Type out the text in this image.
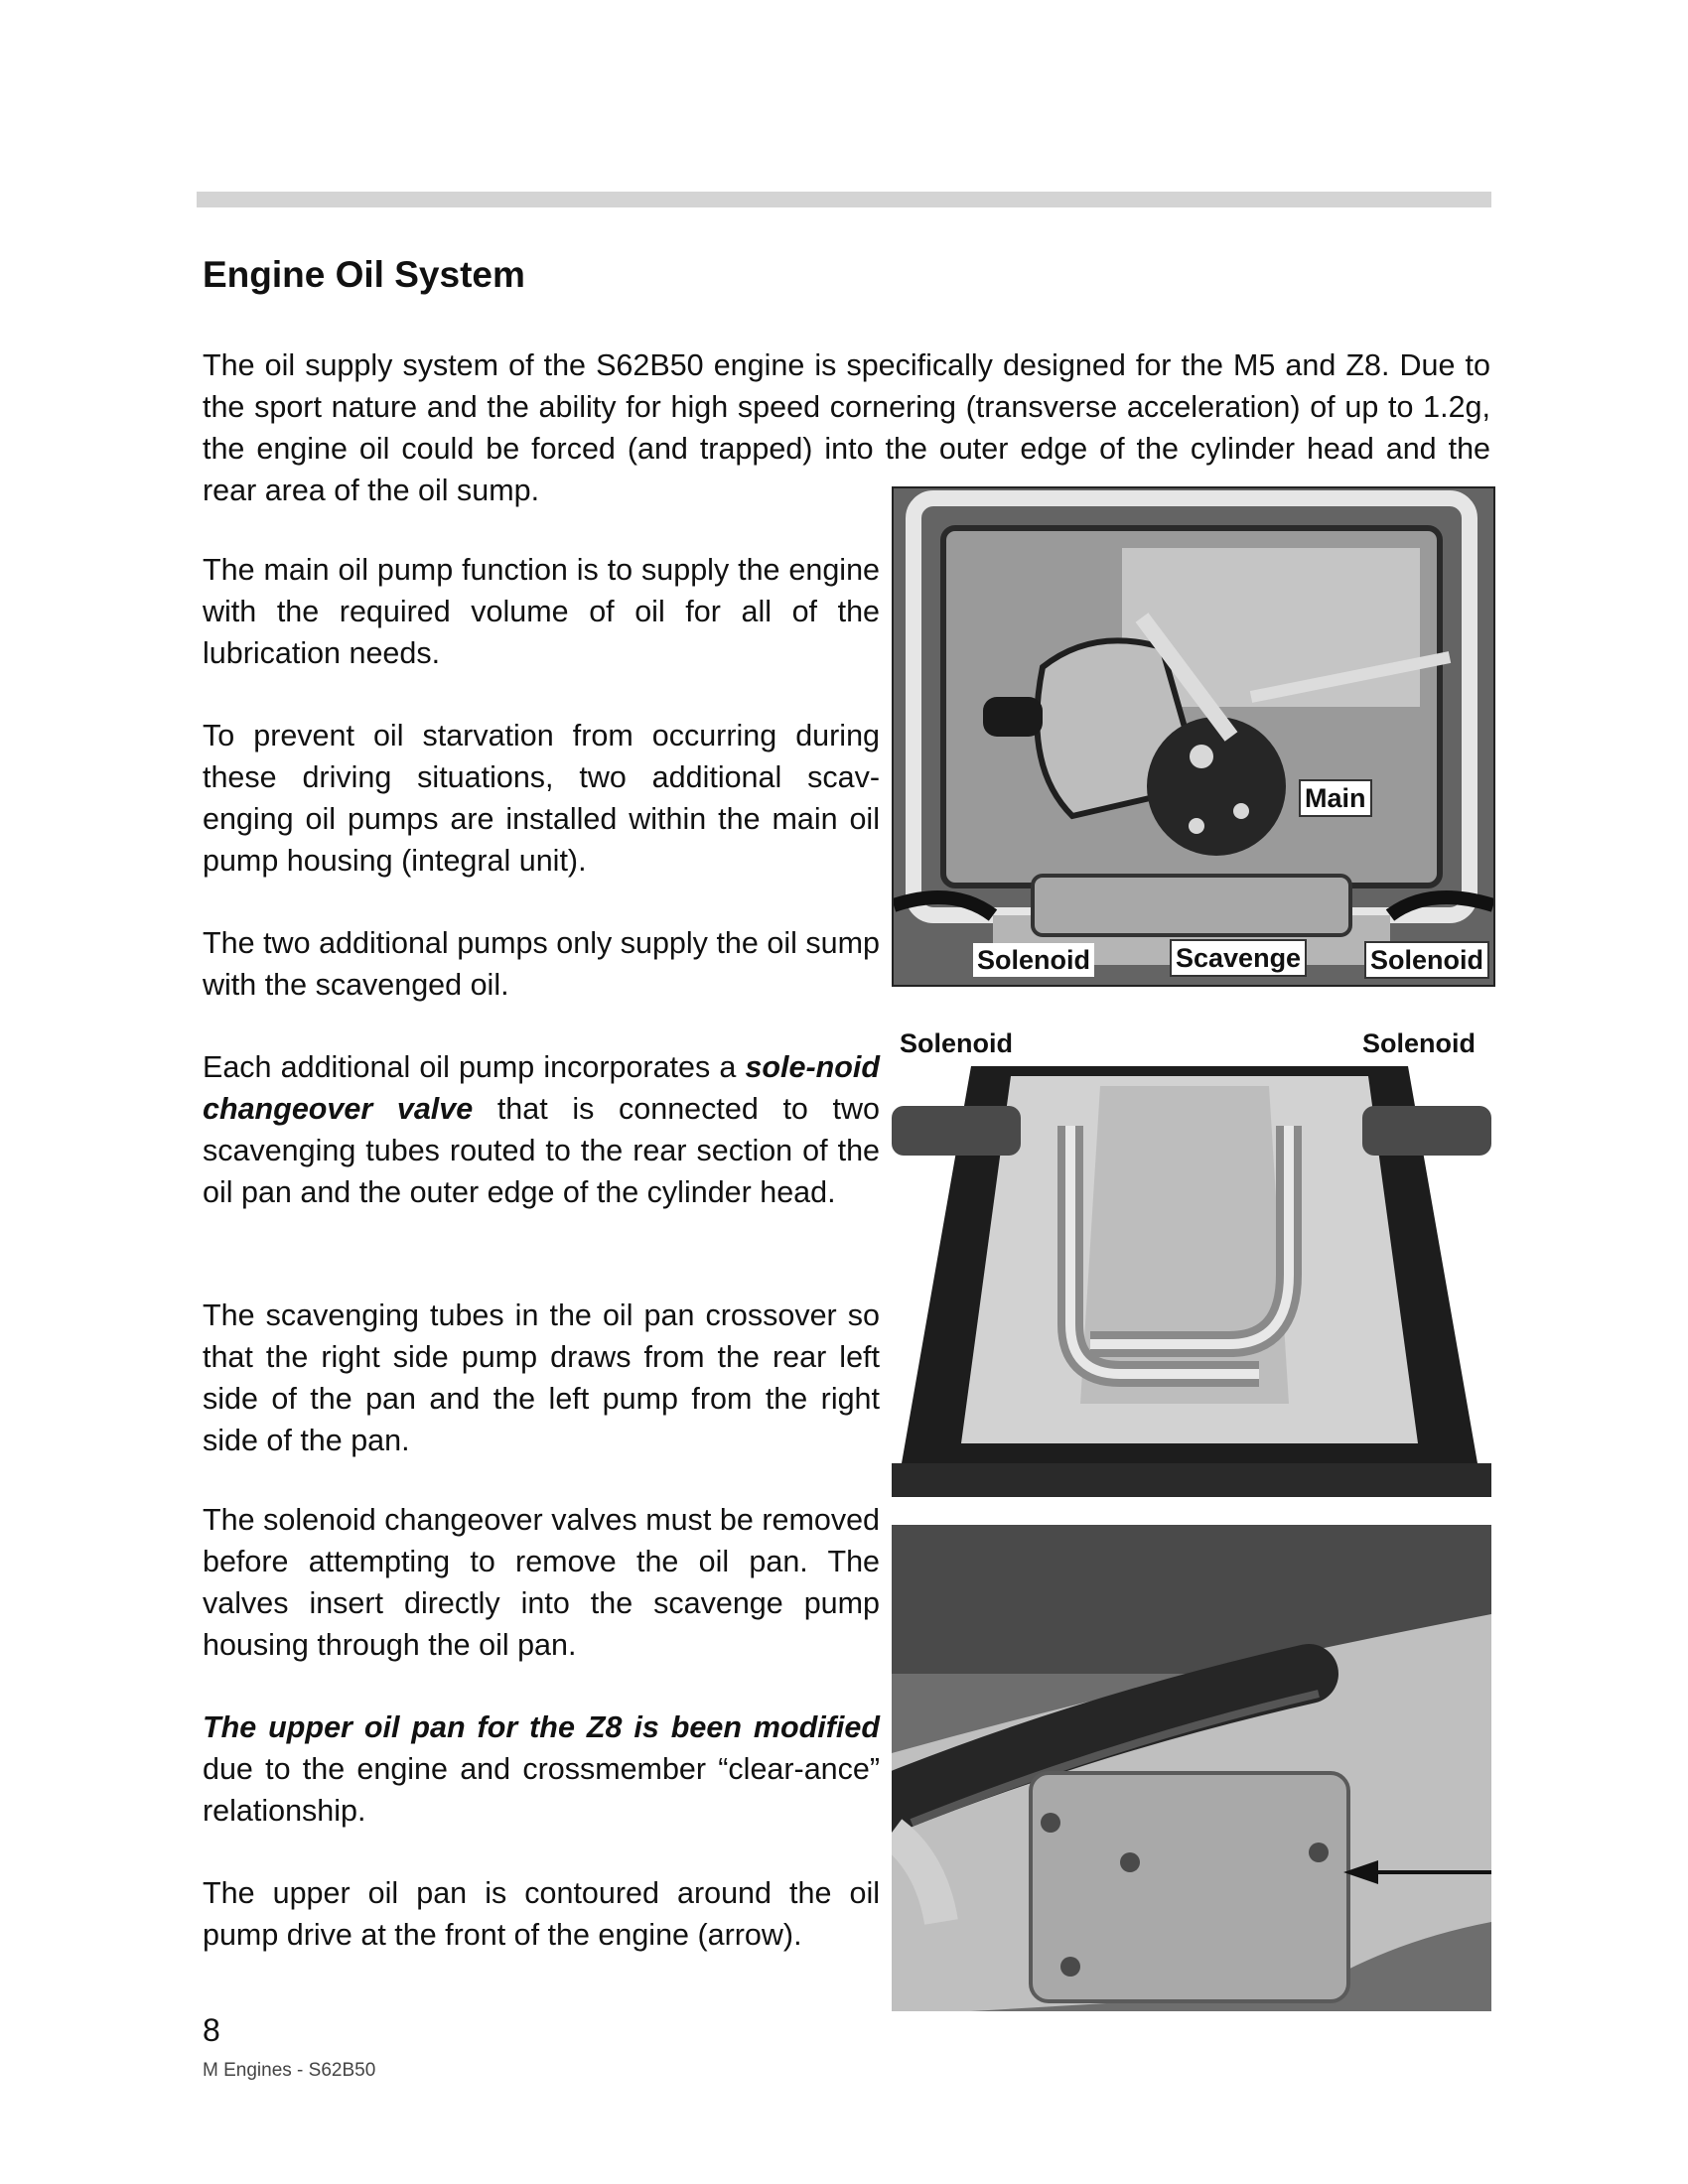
Engine Oil System

The oil supply system of the S62B50 engine is specifically designed for the M5 and Z8. Due to the sport nature and the ability for high speed cornering (transverse acceleration) of up to 1.2g, the engine oil could be forced (and trapped) into the outer edge of the cylinder head and the rear area of the oil sump.

The main oil pump function is to supply the engine with the required volume of oil for all of the lubrication needs.

To prevent oil starvation from occurring during these driving situations, two additional scav-enging oil pumps are installed within the main oil pump housing (integral unit).

The two additional pumps only supply the oil sump with the scavenged oil.

Each additional oil pump incorporates a sole-noid changeover valve that is connected to two scavenging tubes routed to the rear section of the oil pan and the outer edge of the cylinder head.

The scavenging tubes in the oil pan crossover so that the right side pump draws from the rear left side of the pan and the left pump from the right side of the pan.

The solenoid changeover valves must be removed before attempting to remove the oil pan. The valves insert directly into the scavenge pump housing through the oil pan.

The upper oil pan for the Z8 is been modified due to the engine and crossmember “clear-ance” relationship.

The upper oil pan is contoured around the oil pump drive at the front of the engine (arrow).

Main
Solenoid	Scavenge	Solenoid
Solenoid	Solenoid
8
M Engines - S62B50
